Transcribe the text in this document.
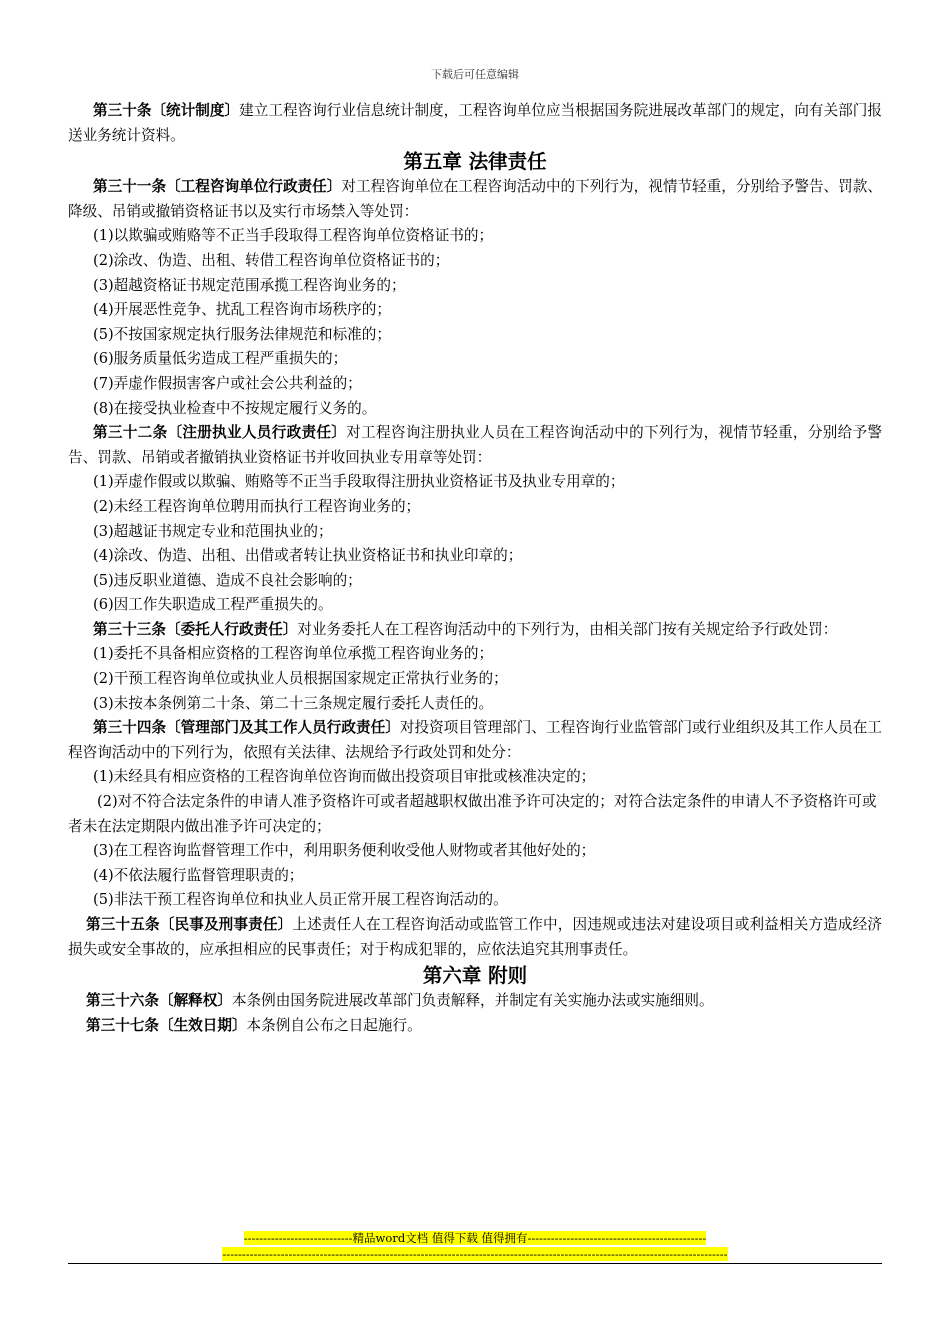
下载后可任意编辑

第三十条〔统计制度〕建立工程咨询行业信息统计制度，工程咨询单位应当根据国务院进展改革部门的规定，向有关部门报送业务统计资料。

第五章 法律责任

第三十一条〔工程咨询单位行政责任〕对工程咨询单位在工程咨询活动中的下列行为，视情节轻重，分别给予警告、罚款、降级、吊销或撤销资格证书以及实行市场禁入等处罚：

(1)以欺骗或贿赂等不正当手段取得工程咨询单位资格证书的；

(2)涂改、伪造、出租、转借工程咨询单位资格证书的；

(3)超越资格证书规定范围承揽工程咨询业务的；

(4)开展恶性竞争、扰乱工程咨询市场秩序的；

(5)不按国家规定执行服务法律规范和标准的；

(6)服务质量低劣造成工程严重损失的；

(7)弄虚作假损害客户或社会公共利益的；

(8)在接受执业检查中不按规定履行义务的。

第三十二条〔注册执业人员行政责任〕对工程咨询注册执业人员在工程咨询活动中的下列行为，视情节轻重，分别给予警告、罚款、吊销或者撤销执业资格证书并收回执业专用章等处罚：

(1)弄虚作假或以欺骗、贿赂等不正当手段取得注册执业资格证书及执业专用章的；

(2)未经工程咨询单位聘用而执行工程咨询业务的；

(3)超越证书规定专业和范围执业的；

(4)涂改、伪造、出租、出借或者转让执业资格证书和执业印章的；

(5)违反职业道德、造成不良社会影响的；

(6)因工作失职造成工程严重损失的。

第三十三条〔委托人行政责任〕对业务委托人在工程咨询活动中的下列行为，由相关部门按有关规定给予行政处罚：

(1)委托不具备相应资格的工程咨询单位承揽工程咨询业务的；

(2)干预工程咨询单位或执业人员根据国家规定正常执行业务的；

(3)未按本条例第二十条、第二十三条规定履行委托人责任的。

第三十四条〔管理部门及其工作人员行政责任〕对投资项目管理部门、工程咨询行业监管部门或行业组织及其工作人员在工程咨询活动中的下列行为，依照有关法律、法规给予行政处罚和处分：

(1)未经具有相应资格的工程咨询单位咨询而做出投资项目审批或核准决定的；

(2)对不符合法定条件的申请人准予资格许可或者超越职权做出准予许可决定的；对符合法定条件的申请人不予资格许可或者未在法定期限内做出准予许可决定的；

(3)在工程咨询监督管理工作中，利用职务便利收受他人财物或者其他好处的；

(4)不依法履行监督管理职责的；

(5)非法干预工程咨询单位和执业人员正常开展工程咨询活动的。

第三十五条〔民事及刑事责任〕上述责任人在工程咨询活动或监管工作中，因违规或违法对建设项目或利益相关方造成经济损失或安全事故的，应承担相应的民事责任；对于构成犯罪的，应依法追究其刑事责任。

第六章 附则

第三十六条〔解释权〕本条例由国务院进展改革部门负责解释，并制定有关实施办法或实施细则。

第三十七条〔生效日期〕本条例自公布之日起施行。

----------------------------精品word文档 值得下载 值得拥有----------------------------------------------
----------------------------------------------------------------------------------------------------------------------------------
